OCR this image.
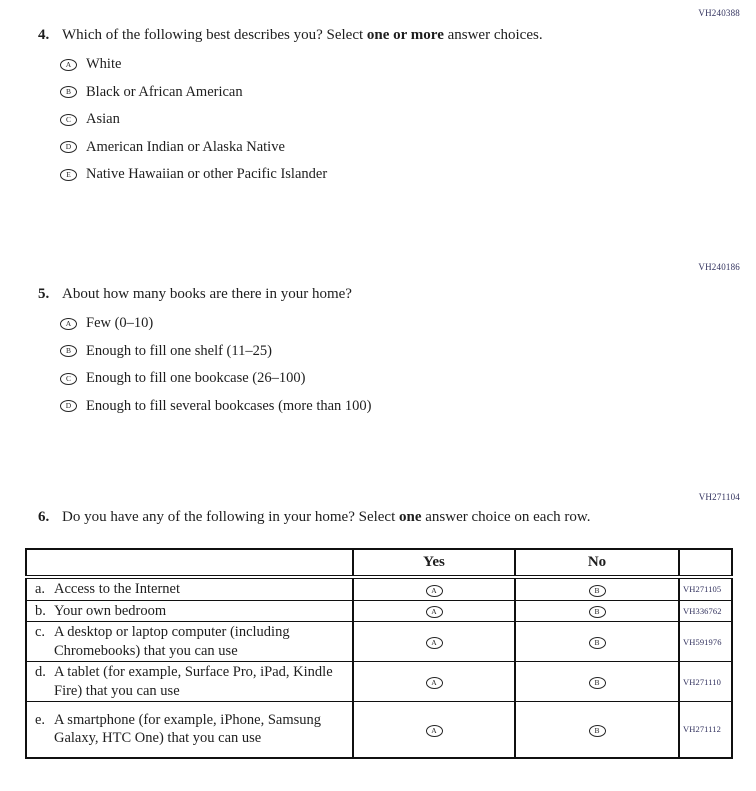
VH240388
4. Which of the following best describes you? Select one or more answer choices.
A	White
B	Black or African American
C	Asian
D	American Indian or Alaska Native
E	Native Hawaiian or other Pacific Islander
VH240186
5. About how many books are there in your home?
A	Few (0–10)
B	Enough to fill one shelf (11–25)
C	Enough to fill one bookcase (26–100)
D	Enough to fill several bookcases (more than 100)
VH271104
6. Do you have any of the following in your home? Select one answer choice on each row.
	Yes	No	

a. Access to the Internet	A	B	VH271105

b. Your own bedroom	A	B	VH336762

c. A desktop or laptop computer (including Chromebooks) that you can use	A	B	VH591976

d. A tablet (for example, Surface Pro, iPad, Kindle Fire) that you can use	A	B	VH271110

e. A smartphone (for example, iPhone, Samsung Galaxy, HTC One) that you can use	A	B	VH271112
